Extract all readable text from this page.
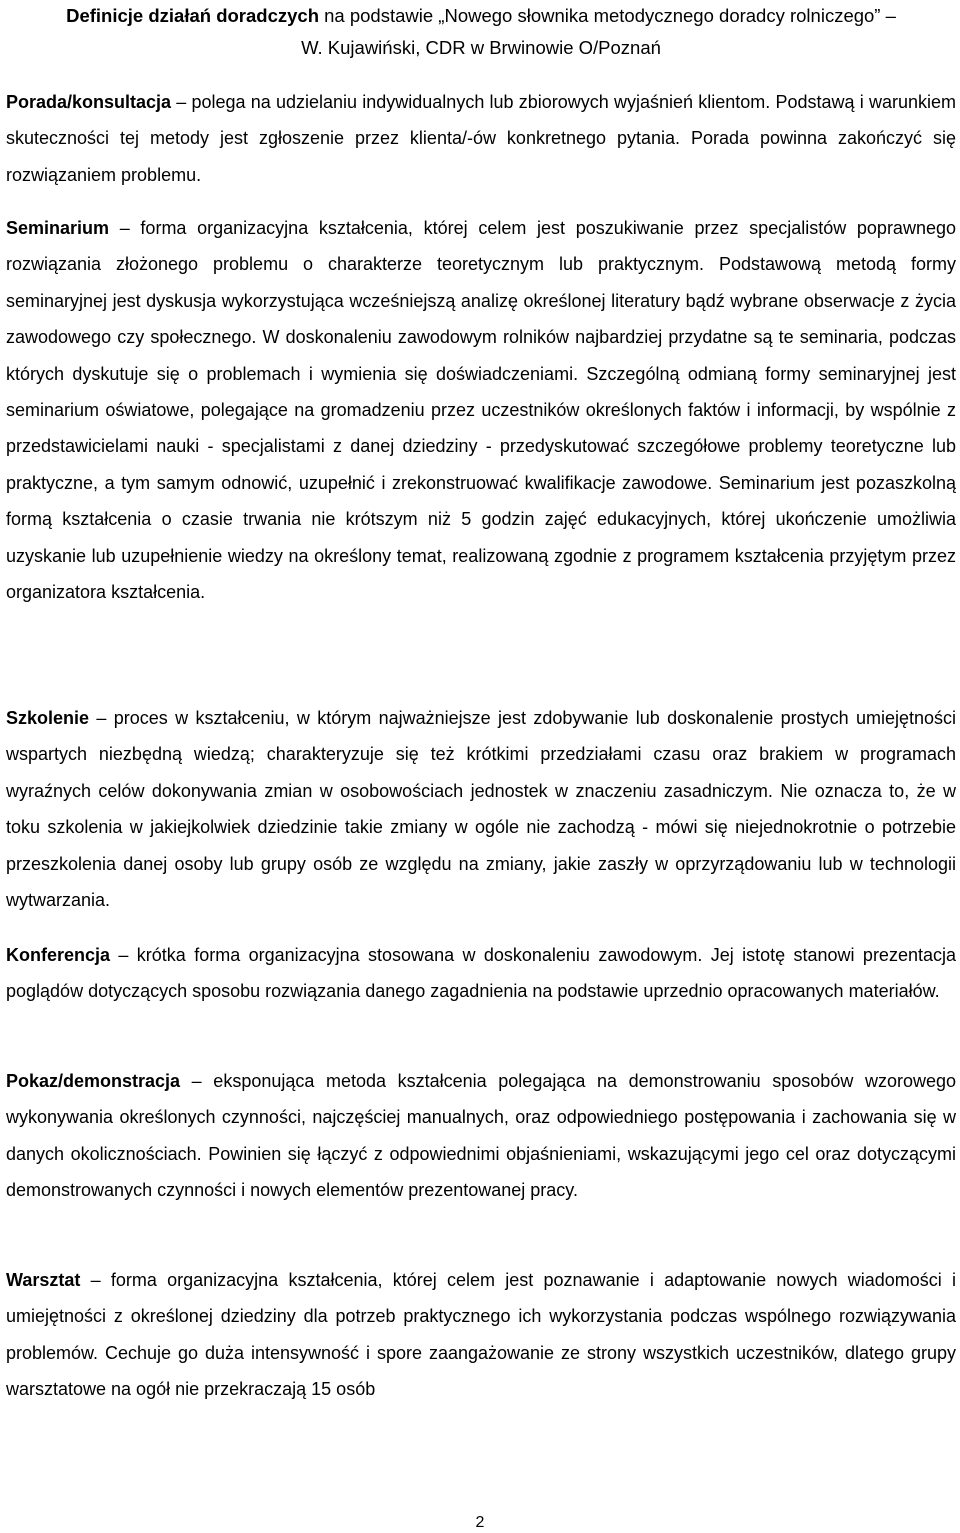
Definicje działań doradczych na podstawie „Nowego słownika metodycznego doradcy rolniczego” –
W. Kujawiński, CDR w Brwinowie O/Poznań

Porada/konsultacja – polega na udzielaniu indywidualnych lub zbiorowych wyjaśnień klientom. Podstawą i warunkiem skuteczności tej metody jest zgłoszenie przez klienta/-ów konkretnego pytania. Porada powinna zakończyć się rozwiązaniem problemu.

Seminarium – forma organizacyjna kształcenia, której celem jest poszukiwanie przez specjalistów poprawnego rozwiązania złożonego problemu o charakterze teoretycznym lub praktycznym. Podstawową metodą formy seminaryjnej jest dyskusja wykorzystująca wcześniejszą analizę określonej literatury bądź wybrane obserwacje z życia zawodowego czy społecznego. W doskonaleniu zawodowym rolników najbardziej przydatne są te seminaria, podczas których dyskutuje się o problemach i wymienia się doświadczeniami. Szczególną odmianą formy seminaryjnej jest seminarium oświatowe, polegające na gromadzeniu przez uczestników określonych faktów i informacji, by wspólnie z przedstawicielami nauki - specjalistami z danej dziedziny - przedyskutować szczegółowe problemy teoretyczne lub praktyczne, a tym samym odnowić, uzupełnić i zrekonstruować kwalifikacje zawodowe. Seminarium jest pozaszkolną formą kształcenia o czasie trwania nie krótszym niż 5 godzin zajęć edukacyjnych, której ukończenie umożliwia uzyskanie lub uzupełnienie wiedzy na określony temat, realizowaną zgodnie z programem kształcenia przyjętym przez organizatora kształcenia.

Szkolenie – proces w kształceniu, w którym najważniejsze jest zdobywanie lub doskonalenie prostych umiejętności wspartych niezbędną wiedzą; charakteryzuje się też krótkimi przedziałami czasu oraz brakiem w programach wyraźnych celów dokonywania zmian w osobowościach jednostek w znaczeniu zasadniczym. Nie oznacza to, że w toku szkolenia w jakiejkolwiek dziedzinie takie zmiany w ogóle nie zachodzą - mówi się niejednokrotnie o potrzebie przeszkolenia danej osoby lub grupy osób ze względu na zmiany, jakie zaszły w oprzyrządowaniu lub w technologii wytwarzania.

Konferencja – krótka forma organizacyjna stosowana w doskonaleniu zawodowym. Jej istotę stanowi prezentacja poglądów dotyczących sposobu rozwiązania danego zagadnienia na podstawie uprzednio opracowanych materiałów.

Pokaz/demonstracja – eksponująca metoda kształcenia polegająca na demonstrowaniu sposobów wzorowego wykonywania określonych czynności, najczęściej manualnych, oraz odpowiedniego postępowania i zachowania się w danych okolicznościach. Powinien się łączyć z odpowiednimi objaśnieniami, wskazującymi jego cel oraz dotyczącymi demonstrowanych czynności i nowych elementów prezentowanej pracy.

Warsztat – forma organizacyjna kształcenia, której celem jest poznawanie i adaptowanie nowych wiadomości i umiejętności z określonej dziedziny dla potrzeb praktycznego ich wykorzystania podczas wspólnego rozwiązywania problemów. Cechuje go duża intensywność i spore zaangażowanie ze strony wszystkich uczestników, dlatego grupy warsztatowe na ogół nie przekraczają 15 osób

2
